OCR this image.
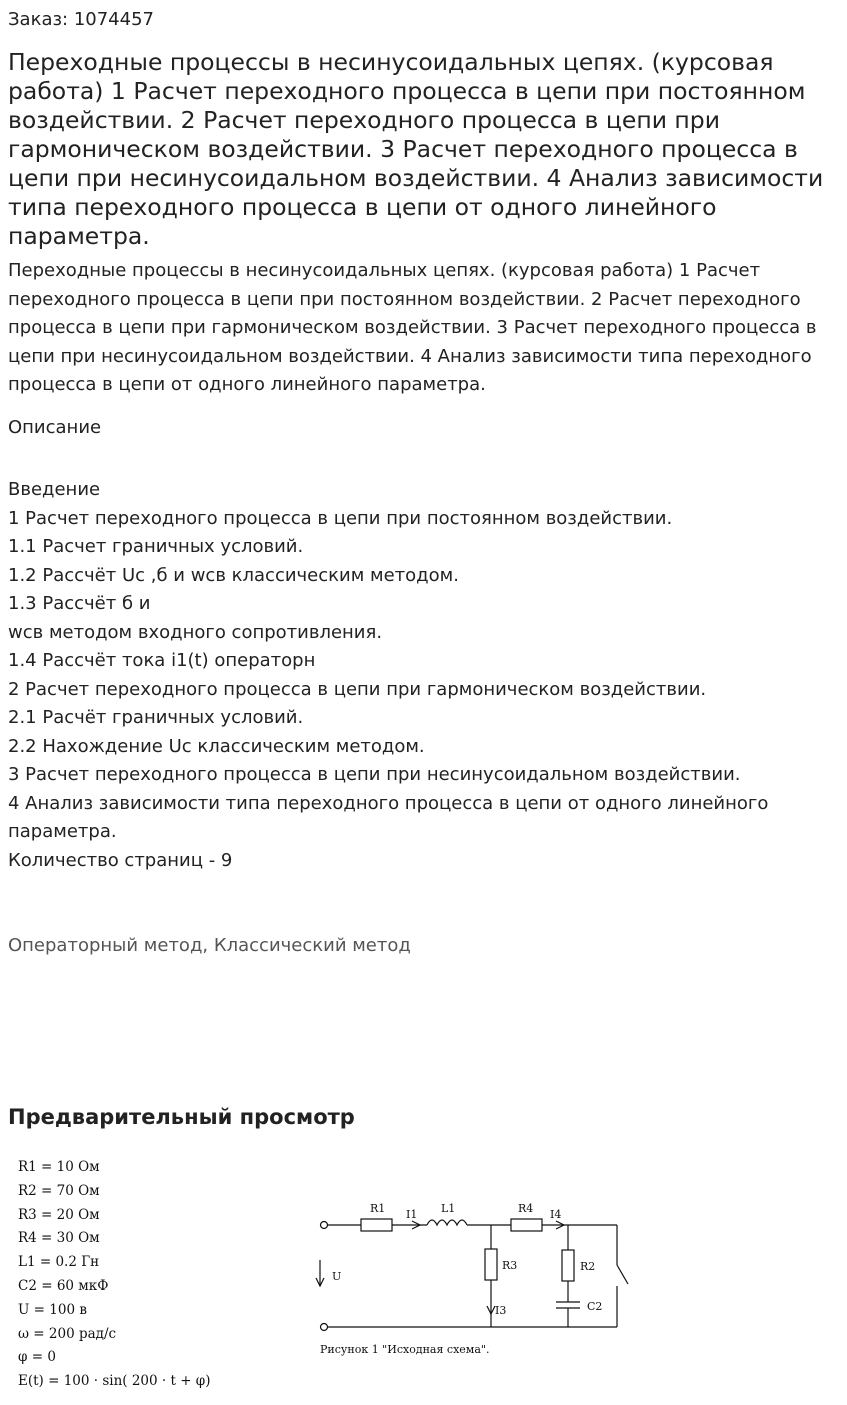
Заказ: 1074457
Переходные процессы в несинусоидальных цепях. (курсовая работа) 1 Расчет переходного процесса в цепи при постоянном воздействии. 2 Расчет переходного процесса в цепи при гармоническом воздействии. 3 Расчет переходного процесса в цепи при несинусоидальном воздействии. 4 Анализ зависимости типа переходного процесса в цепи от одного линейного параметра.
Переходные процессы в несинусоидальных цепях. (курсовая работа) 1 Расчет переходного процесса в цепи при постоянном воздействии. 2 Расчет переходного процесса в цепи при гармоническом воздействии. 3 Расчет переходного процесса в цепи при несинусоидальном воздействии. 4 Анализ зависимости типа переходного процесса в цепи от одного линейного параметра.
Описание
Введение
1 Расчет переходного процесса в цепи при постоянном воздействии.
1.1 Расчет граничных условий.
1.2 Рассчёт Uc ,б и wсв классическим методом.
1.3 Рассчёт б и
wсв методом входного сопротивления.
1.4 Рассчёт тока i1(t) операторн
2 Расчет переходного процесса в цепи при гармоническом воздействии.
2.1 Расчёт граничных условий.
2.2 Нахождение Uc классическим методом.
3 Расчет переходного процесса в цепи при несинусоидальном воздействии.
4 Анализ зависимости типа переходного процесса в цепи от одного линейного параметра.
Количество страниц - 9
Операторный метод, Классический метод
Предварительный просмотр
R1 = 10 Ом
R2 = 70 Ом
R3 = 20 Ом
R4 = 30 Ом
L1 = 0.2 Гн
C2 = 60 мкФ
U = 100 в
ω = 200 рад/с
φ = 0
E(t) = 100 · sin( 200 · t + φ)
R1 I1 L1	R4 I4
U
R3	R2
I3	C2
Рисунок 1 "Исходная схема".
